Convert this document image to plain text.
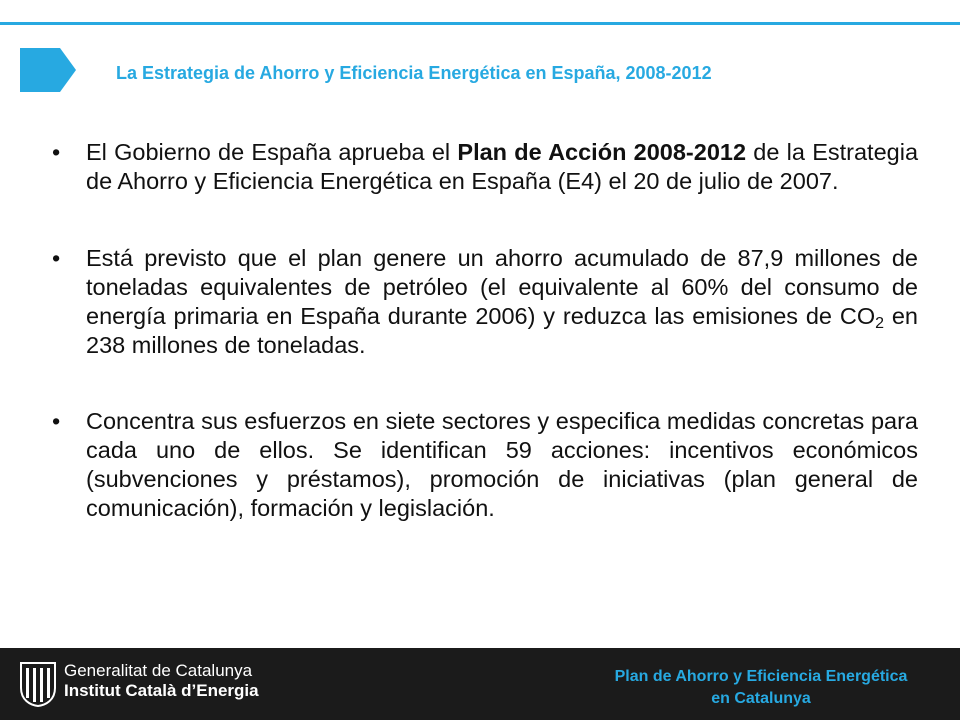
La Estrategia de Ahorro y Eficiencia Energética en España, 2008-2012
• El Gobierno de España aprueba el Plan de Acción 2008-2012 de la Estrategia de Ahorro y Eficiencia Energética en España (E4) el 20 de julio de 2007.
• Está previsto que el plan genere un ahorro acumulado de 87,9 millones de toneladas equivalentes de petróleo (el equivalente al 60% del consumo de energía primaria en España durante 2006) y reduzca las emisiones de $CO_2$ en 238 millones de toneladas.
• Concentra sus esfuerzos en siete sectores y especifica medidas concretas para cada uno de ellos. Se identifican 59 acciones: incentivos económicos (subvenciones y préstamos), promoción de iniciativas (plan general de comunicación), formación y legislación.
Generalitat de Catalunya
Institut Català d’Energia
Plan de Ahorro y Eficiencia Energética
en Catalunya
